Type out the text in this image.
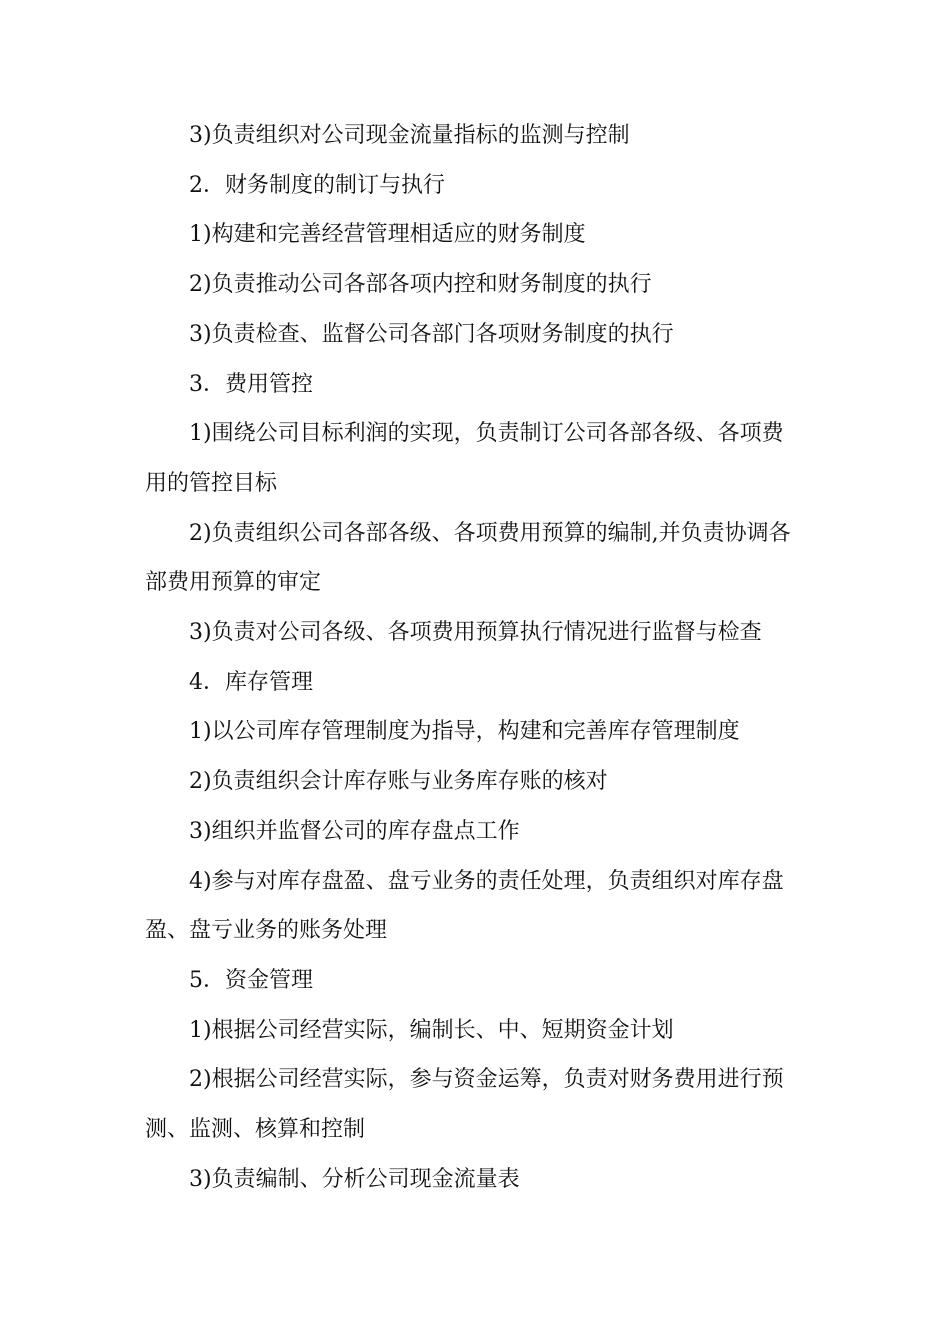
3)负责组织对公司现金流量指标的监测与控制

2．财务制度的制订与执行

1)构建和完善经营管理相适应的财务制度

2)负责推动公司各部各项内控和财务制度的执行

3)负责检查、监督公司各部门各项财务制度的执行

3．费用管控

1)围绕公司目标利润的实现，负责制订公司各部各级、各项费用的管控目标

2)负责组织公司各部各级、各项费用预算的编制,并负责协调各部费用预算的审定

3)负责对公司各级、各项费用预算执行情况进行监督与检查

4．库存管理

1)以公司库存管理制度为指导，构建和完善库存管理制度

2)负责组织会计库存账与业务库存账的核对

3)组织并监督公司的库存盘点工作

4)参与对库存盘盈、盘亏业务的责任处理，负责组织对库存盘盈、盘亏业务的账务处理

5．资金管理

1)根据公司经营实际，编制长、中、短期资金计划

2)根据公司经营实际，参与资金运筹，负责对财务费用进行预测、监测、核算和控制

3)负责编制、分析公司现金流量表
